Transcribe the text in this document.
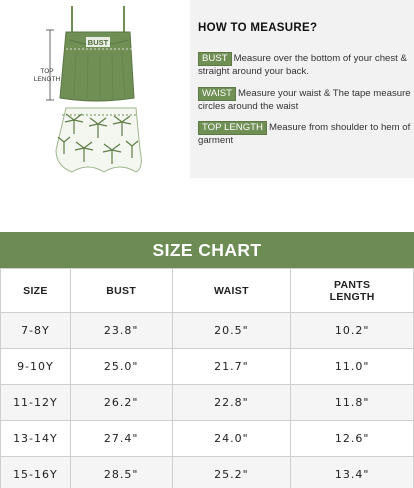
BUST
TOP
LENGTH
HOW TO MEASURE?
BUST Measure over the bottom of your chest & straight around your back.
WAIST Measure your waist & The tape measure circles around the waist
TOP LENGTH Measure from shoulder to hem of garment
SIZE CHART
SIZE	BUST	WAIST	PANTS
LENGTH
7-8Y	23.8"	20.5"	10.2"
9-10Y	25.0"	21.7"	11.0"
11-12Y	26.2"	22.8"	11.8"
13-14Y	27.4"	24.0"	12.6"
15-16Y	28.5"	25.2"	13.4"
